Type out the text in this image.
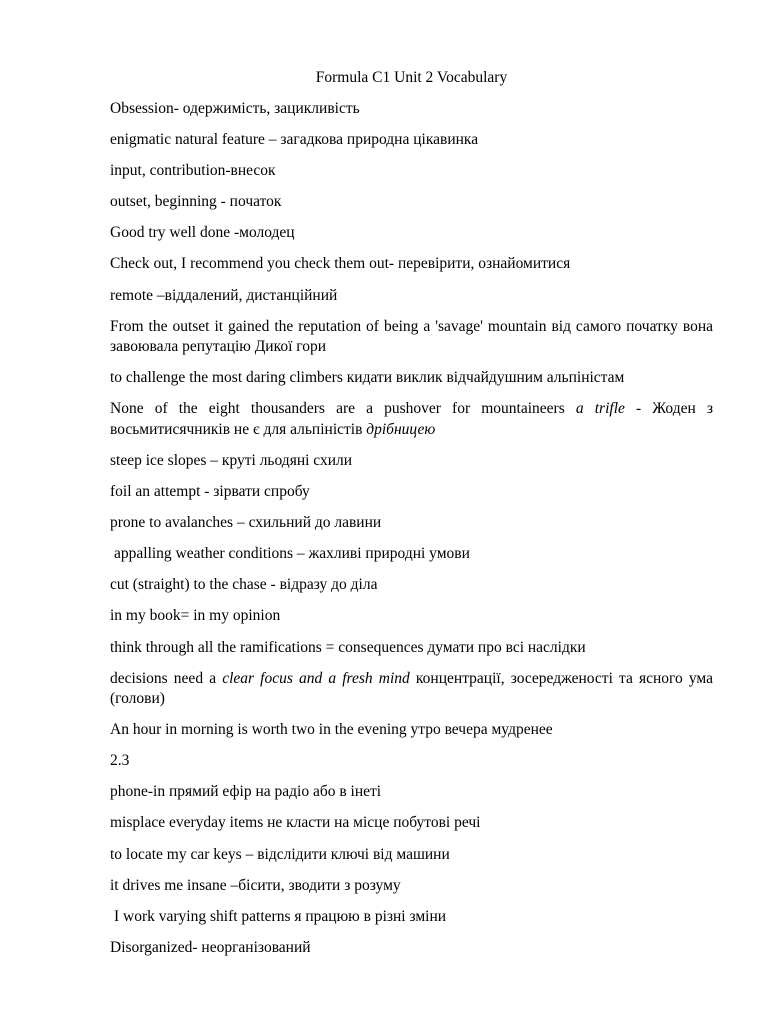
Formula C1 Unit 2 Vocabulary
Obsession- одержимість, зацикливість
enigmatic natural feature – загадкова природна цікавинка
input, contribution-внесок
outset, beginning - початок
Good try well done -молодец
Check out, I recommend you check them out- перевірити, ознайомитися
remote –віддалений, дистанційний
From the outset it gained the reputation of being a 'savage' mountain від самого початку вона завоювала репутацію Дикої гори
to challenge the most daring climbers кидати виклик відчайдушним альпіністам
None of the eight thousanders are a pushover for mountaineers a trifle - Жоден з восьмитисячників не є для альпіністів дрібницею
steep ice slopes – круті льодяні схили
foil an attempt - зірвати спробу
prone to avalanches – схильний до лавини
appalling weather conditions – жахливі природні умови
cut (straight) to the chase - відразу до діла
in my book= in my opinion
think through all the ramifications = consequences думати про всі наслідки
decisions need a clear focus and a fresh mind концентрації, зосередженості та ясного ума (голови)
An hour in morning is worth two in the evening утро вечера мудренее
2.3
phone-in прямий ефір на радіо або в інеті
misplace everyday items не класти на місце побутові речі
to locate my car keys – відслідити ключі від машини
it drives me insane –бісити, зводити з розуму
I work varying shift patterns я працюю в різні зміни
Disorganized- неорганізований
